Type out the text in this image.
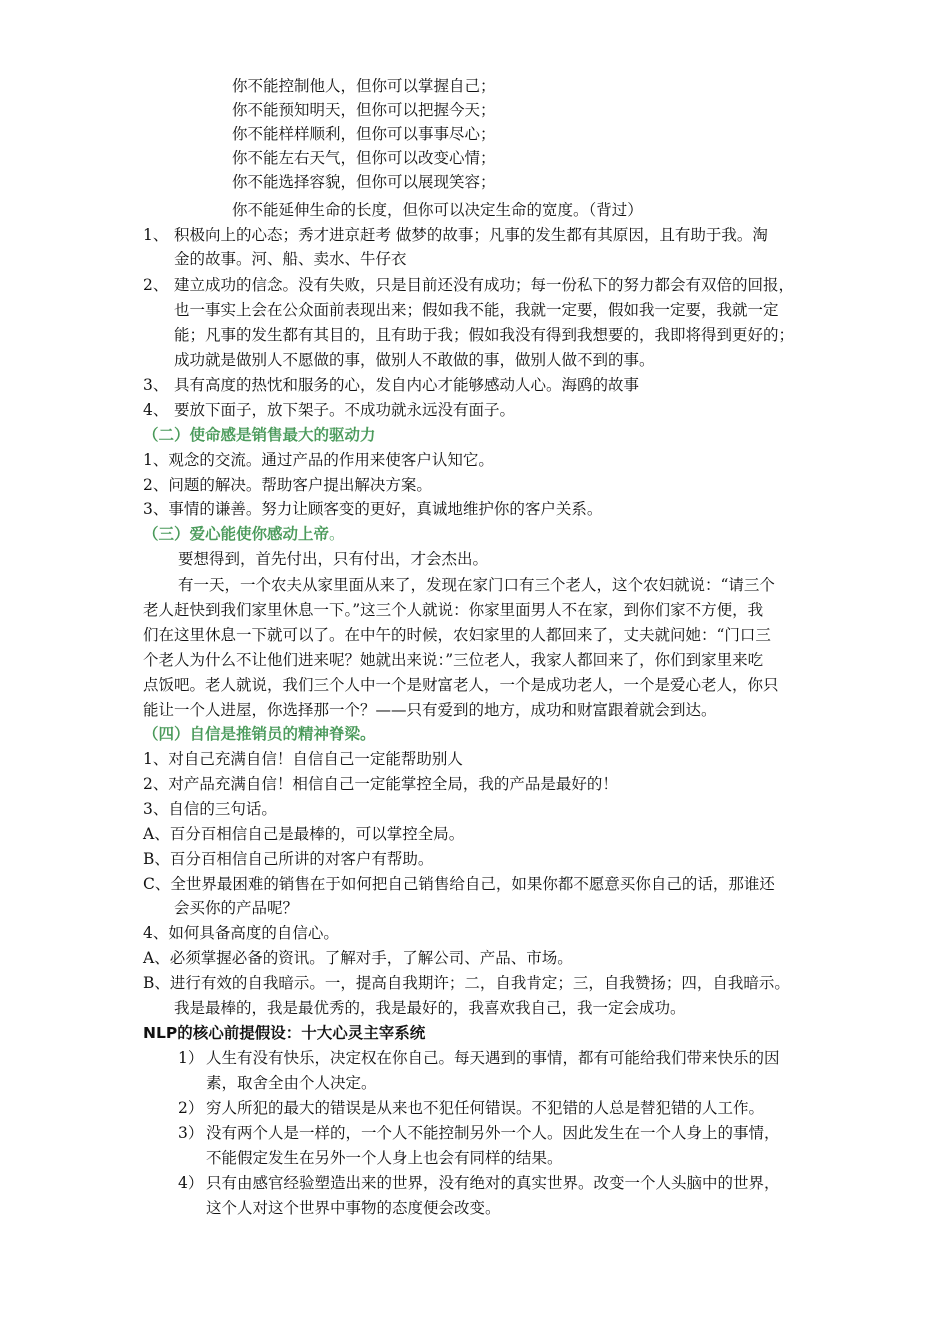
你不能控制他人，但你可以掌握自己；
你不能预知明天，但你可以把握今天；
你不能样样顺利，但你可以事事尽心；
你不能左右天气，但你可以改变心情；
你不能选择容貌，但你可以展现笑容；
你不能延伸生命的长度，但你可以决定生命的宽度。（背过）
1、 积极向上的心态；秀才进京赶考 做梦的故事；凡事的发生都有其原因，且有助于我。淘
金的故事。河、船、卖水、牛仔衣
2、 建立成功的信念。没有失败，只是目前还没有成功；每一份私下的努力都会有双倍的回报，
也一事实上会在公众面前表现出来；假如我不能，我就一定要，假如我一定要，我就一定
能；凡事的发生都有其目的，且有助于我；假如我没有得到我想要的，我即将得到更好的；
成功就是做别人不愿做的事，做别人不敢做的事，做别人做不到的事。
3、 具有高度的热忱和服务的心，发自内心才能够感动人心。海鸥的故事
4、 要放下面子，放下架子。不成功就永远没有面子。
（二）使命感是销售最大的驱动力
1、观念的交流。通过产品的作用来使客户认知它。
2、问题的解决。帮助客户提出解决方案。
3、事情的谦善。努力让顾客变的更好，真诚地维护你的客户关系。
（三）爱心能使你感动上帝。
要想得到，首先付出，只有付出，才会杰出。
有一天，一个农夫从家里面从来了，发现在家门口有三个老人，这个农妇就说：“请三个
老人赶快到我们家里休息一下。”这三个人就说：你家里面男人不在家，到你们家不方便，我
们在这里休息一下就可以了。在中午的时候，农妇家里的人都回来了，丈夫就问她：“门口三
个老人为什么不让他们进来呢？她就出来说：”三位老人，我家人都回来了，你们到家里来吃
点饭吧。老人就说，我们三个人中一个是财富老人，一个是成功老人，一个是爱心老人，你只
能让一个人进屋，你选择那一个？——只有爱到的地方，成功和财富跟着就会到达。
（四）自信是推销员的精神脊梁。
1、对自己充满自信！自信自己一定能帮助别人
2、对产品充满自信！相信自己一定能掌控全局，我的产品是最好的！
3、自信的三句话。
A、百分百相信自己是最棒的，可以掌控全局。
B、百分百相信自己所讲的对客户有帮助。
C、全世界最困难的销售在于如何把自己销售给自己，如果你都不愿意买你自己的话，那谁还
会买你的产品呢？
4、如何具备高度的自信心。
A、必须掌握必备的资讯。了解对手，了解公司、产品、市场。
B、进行有效的自我暗示。一，提高自我期许；二，自我肯定；三，自我赞扬；四，自我暗示。
我是最棒的，我是最优秀的，我是最好的，我喜欢我自己，我一定会成功。
NLP的核心前提假设：十大心灵主宰系统
1） 人生有没有快乐，决定权在你自己。每天遇到的事情，都有可能给我们带来快乐的因
素，取舍全由个人决定。
2） 穷人所犯的最大的错误是从来也不犯任何错误。不犯错的人总是替犯错的人工作。
3） 没有两个人是一样的，一个人不能控制另外一个人。因此发生在一个人身上的事情，
不能假定发生在另外一个人身上也会有同样的结果。
4） 只有由感官经验塑造出来的世界，没有绝对的真实世界。改变一个人头脑中的世界，
这个人对这个世界中事物的态度便会改变。
